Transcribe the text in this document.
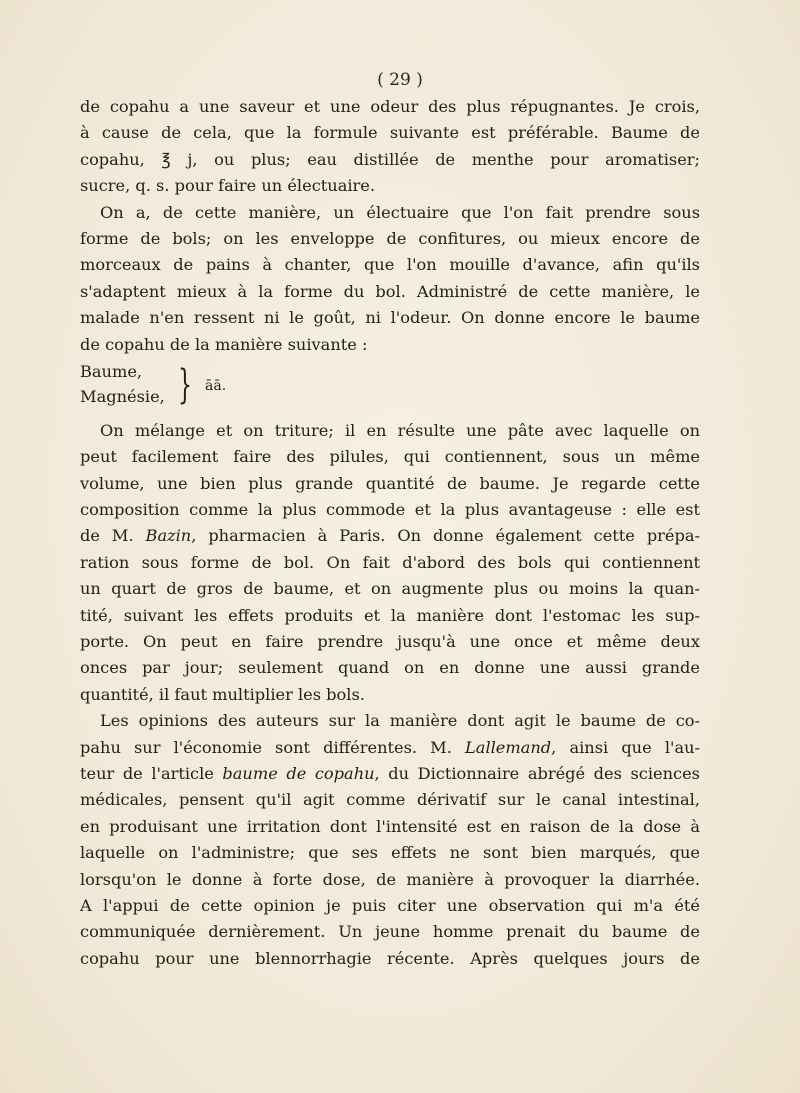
( 29 )
de copahu a une saveur et une odeur des plus répugnantes. Je crois,
à cause de cela, que la formule suivante est préférable. Baume de
copahu, ℥ j, ou plus; eau distillée de menthe pour aromatiser;
sucre, q. s. pour faire un électuaire.
On a, de cette manière, un électuaire que l'on fait prendre sous
forme de bols; on les enveloppe de confitures, ou mieux encore de
morceaux de pains à chanter, que l'on mouille d'avance, afin qu'ils
s'adaptent mieux à la forme du bol. Administré de cette manière, le
malade n'en ressent ni le goût, ni l'odeur. On donne encore le baume
de copahu de la manière suivante :
Baume,
Magnésie, } āā.
On mélange et on triture; il en résulte une pâte avec laquelle on
peut facilement faire des pilules, qui contiennent, sous un même
volume, une bien plus grande quantité de baume. Je regarde cette
composition comme la plus commode et la plus avantageuse : elle est
de M. Bazin, pharmacien à Paris. On donne également cette prépa-
ration sous forme de bol. On fait d'abord des bols qui contiennent
un quart de gros de baume, et on augmente plus ou moins la quan-
tité, suivant les effets produits et la manière dont l'estomac les sup-
porte. On peut en faire prendre jusqu'à une once et même deux
onces par jour; seulement quand on en donne une aussi grande
quantité, il faut multiplier les bols.
Les opinions des auteurs sur la manière dont agit le baume de co-
pahu sur l'économie sont différentes. M. Lallemand, ainsi que l'au-
teur de l'article baume de copahu, du Dictionnaire abrégé des sciences
médicales, pensent qu'il agit comme dérivatif sur le canal intestinal,
en produisant une irritation dont l'intensité est en raison de la dose à
laquelle on l'administre; que ses effets ne sont bien marqués, que
lorsqu'on le donne à forte dose, de manière à provoquer la diarrhée.
A l'appui de cette opinion je puis citer une observation qui m'a été
communiquée dernièrement. Un jeune homme prenait du baume de
copahu pour une blennorrhagie récente. Après quelques jours de
